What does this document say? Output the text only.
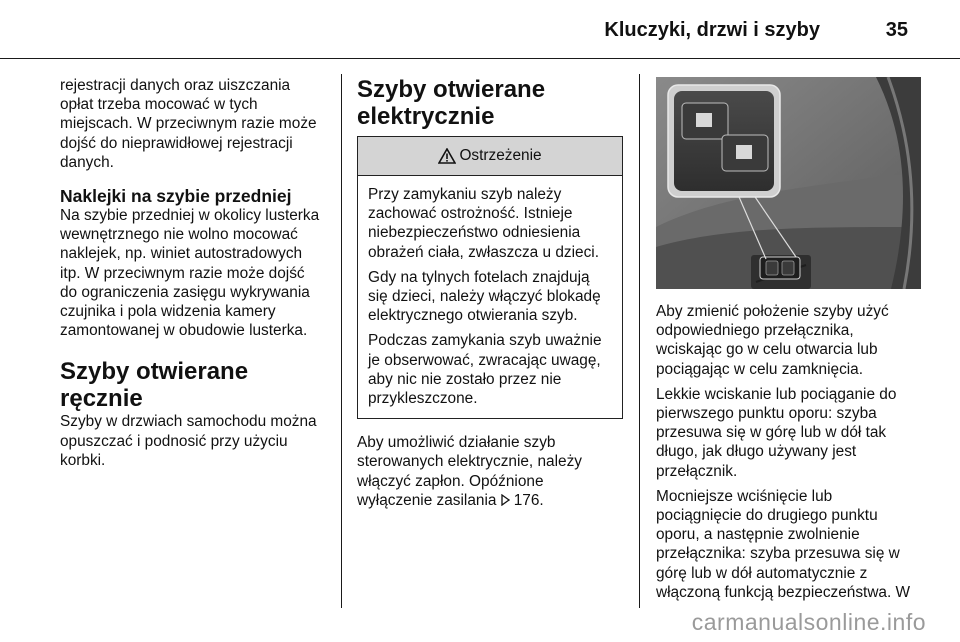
Kluczyki, drzwi i szyby	35

rejestracji danych oraz uiszczania
opłat trzeba mocować w tych
miejscach. W przeciwnym razie może
dojść do nieprawidłowej rejestracji
danych.

Naklejki na szybie przedniej

Na szybie przedniej w okolicy lusterka
wewnętrznego nie wolno mocować
naklejek, np. winiet autostradowych
itp. W przeciwnym razie może dojść
do ograniczenia zasięgu wykrywania
czujnika i pola widzenia kamery
zamontowanej w obudowie lusterka.

Szyby otwierane ręcznie

Szyby w drzwiach samochodu można
opuszczać i podnosić przy użyciu
korbki.

Szyby otwierane
elektrycznie
Ostrzeżenie

Przy zamykaniu szyb należy
zachować ostrożność. Istnieje
niebezpieczeństwo odniesienia
obrażeń ciała, zwłaszcza u dzieci.

Gdy na tylnych fotelach znajdują
się dzieci, należy włączyć blokadę
elektrycznego otwierania szyb.

Podczas zamykania szyb uważnie
je obserwować, zwracając uwagę,
aby nic nie zostało przez nie
przykleszczone.

Aby umożliwić działanie szyb
sterowanych elektrycznie, należy
włączyć zapłon. Opóźnione
wyłączenie zasilania 176.

Aby zmienić położenie szyby użyć
odpowiedniego przełącznika,
wciskając go w celu otwarcia lub
pociągając w celu zamknięcia.

Lekkie wciskanie lub pociąganie do
pierwszego punktu oporu: szyba
przesuwa się w górę lub w dół tak
długo, jak długo używany jest
przełącznik.

Mocniejsze wciśnięcie lub
pociągnięcie do drugiego punktu
oporu, a następnie zwolnienie
przełącznika: szyba przesuwa się w
górę lub w dół automatycznie z
włączoną funkcją bezpieczeństwa. W

carmanualsonline.info
